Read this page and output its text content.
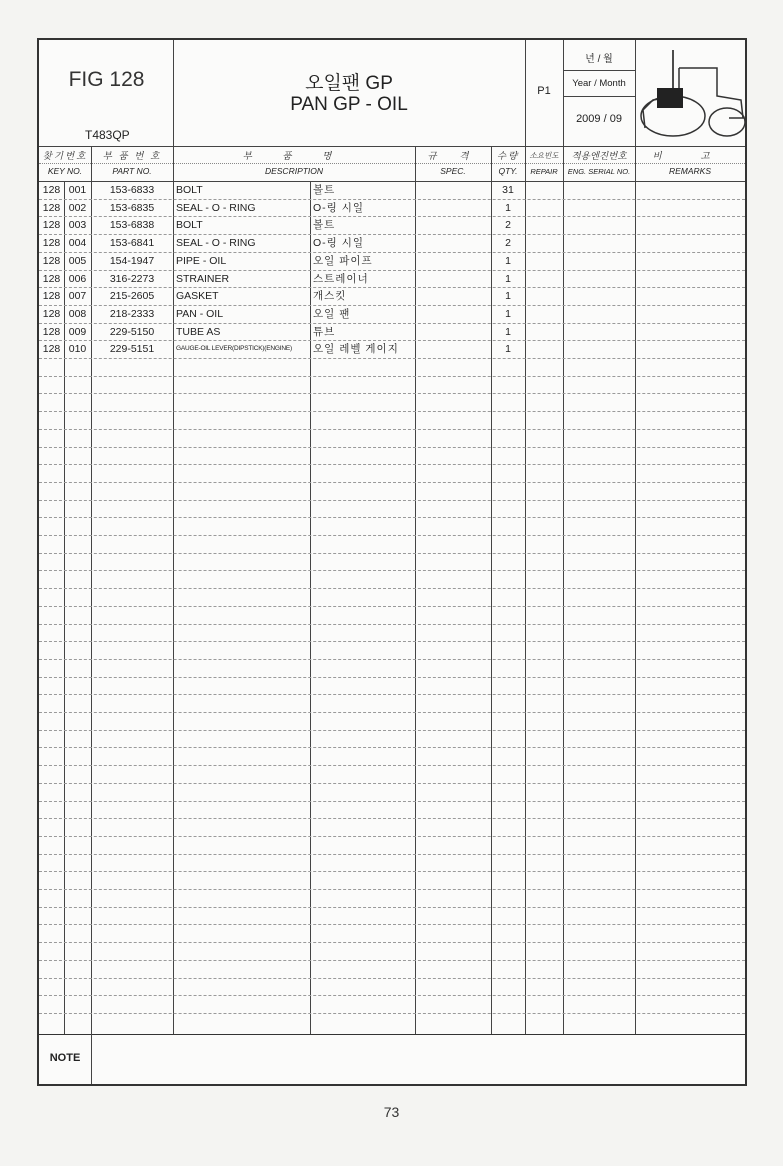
FIG 128
T483QP
오일팬 GP
PAN GP - OIL
P1
년 / 월
Year / Month
2009 / 09
찾기번호
KEY NO.
부 품 번 호
PART NO.
부 품 명
DESCRIPTION
규 격
SPEC.
수량
QTY.
소요빈도
REPAIR
적용엔진번호
ENG. SERIAL NO.
비 고
REMARKS
128 001	153-6833	BOLT	볼트	31
128 002	153-6835	SEAL - O - RING	O-링 시일	1
128 003	153-6838	BOLT	볼트	2
128 004	153-6841	SEAL - O - RING	O-링 시일	2
128 005	154-1947	PIPE - OIL	오일 파이프	1
128 006	316-2273	STRAINER	스트레이너	1
128 007	215-2605	GASKET	개스킷	1
128 008	218-2333	PAN - OIL	오일 팬	1
128 009	229-5150	TUBE AS	튜브	1
128 010	229-5151	GAUGE-OIL LEVER(DIPSTICK)(ENGINE)	오일 레벨 게이지	1
NOTE
73
